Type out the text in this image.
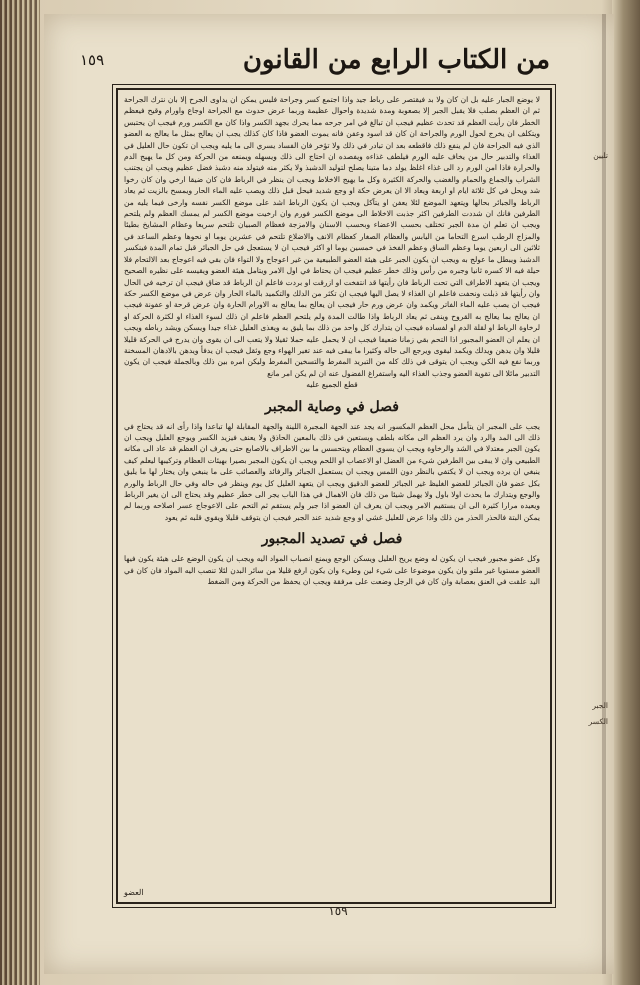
من الكتاب الرابع من القانون
١٥٩

لا يوضع الجبار عليه بل ان كان ولا بد فيقتصر على رباط جيد واذا اجتمع كسر وجراحة فليس يمكن ان يداوى الجرح إلا بان نترك الجراحة ثم ان العظم بصلب فلا يقبل الجبر إلا بصعوبة ومدة شديدة واحوال عظيمة وربما عرض حدوث مع الجراحة اوجاع واورام وقيح فيعظم الخطر فان رأيت العظم قد تحدث عظيم فيجب ان تبالغ في امر جرحه مما يحرك بجهد الكسر واذا كان مع الكسر ورم فيجب ان يحتبس ويتكلف ان يخرج لحول الورم والجراحة ان كان قد اسود وعفن فانه يموت العضو فاذا كان كذلك يجب ان يعالج بمثل ما يعالج به العضو الذي فيه الجراحة فان لم ينفع ذلك فاقطعه بعد ان تبادر في ذلك ولا تؤخر فان الفساد يسري الى ما يليه ويجب ان تكون حال العليل في الغذاء والتدبير حال من يخاف عليه الورم فيلطف غذاءه ويفصده ان احتاج الى ذلك ويسهله ويمنعه من الحركة ومن كل ما يهيج الدم والحرارة فاذا امن الورم رد الى غذاء اغلظ يولد دما متينا يصلح لتوليد الدشبذ ولا يكثر منه فيتولد منه دشبذ فضل عظيم ويجب ان يجتنب الشراب والجماع والحمام والغضب والحركة الكثيرة وكل ما يهيج الاخلاط ويجب ان ينظر في الرباط فان كان ضيقا ارخي وان كان رخوا شد ويحل في كل ثلاثة ايام او اربعة ويعاد الا ان يعرض حكة او وجع شديد فيحل قبل ذلك ويصب عليه الماء الحار ويمسح بالزيت ثم يعاد الرباط والجبائر بحالها ويتعهد الموضع لئلا يعفن او يتآكل ويجب ان يكون الرباط اشد على موضع الكسر نفسه وارخى فيما يليه من الطرفين فانك ان شددت الطرفين اكثر جذبت الاخلاط الى موضع الكسر فورم وان ارخيت موضع الكسر لم يمسك العظم ولم يلتحم ويجب ان تعلم ان مدة الجبر تختلف بحسب الاعضاء وبحسب الاسنان والامزجة فعظام الصبيان تلتحم سريعا وعظام المشايخ بطيئا والمزاج الرطب اسرع التحاما من اليابس والعظام الصغار كعظام الانف والاضلاع تلتحم في عشرين يوما او نحوها وعظم الساعد في ثلاثين الى اربعين يوما وعظم الساق وعظم الفخذ في خمسين يوما او اكثر فيجب ان لا يستعجل في حل الجبائر قبل تمام المدة فينكسر الدشبذ ويبطل ما عولج به ويجب ان يكون الجبر على هيئة العضو الطبيعية من غير اعوجاج ولا التواء فان بقي فيه اعوجاج بعد الالتحام فلا حيلة فيه الا كسره ثانيا وجبره من رأس وذلك خطر عظيم فيجب ان يحتاط في اول الامر ويتامل هيئة العضو ويقيسه على نظيره الصحيح ويجب ان يتعهد الاطراف التي تحت الرباط فان رأيتها قد انتفخت او ازرقت او بردت فاعلم ان الرباط قد ضاق فيجب ان ترخيه في الحال وان رأيتها قد ذبلت ونحفت فاعلم ان الغذاء لا يصل اليها فيجب ان تكثر من الدلك والتكميد بالماء الحار وان عرض في موضع الكسر حكة فيجب ان يصب عليه الماء الفاتر ويكمد وان عرض ورم حار فيجب ان يعالج بما يعالج به الاورام الحارة وان عرض قرحة او عفونة فيجب ان يعالج بما يعالج به القروح وينقى ثم يعاد الرباط واذا طالت المدة ولم يلتحم العظم فاعلم ان ذلك لسوء الغذاء او لكثرة الحركة او لرخاوة الرباط او لقلة الدم او لفساده فيجب ان يتدارك كل واحد من ذلك بما يليق به ويغذى العليل غذاء جيدا ويسكن ويشد رباطه ويجب ان يعلم ان العضو المجبور اذا التحم بقي زمانا ضعيفا فيجب ان لا يحمل عليه حملا ثقيلا ولا يتعب الى ان يقوى وان يدرج في الحركة قليلا قليلا وان يدهن ويدلك ويكمد ليقوى ويرجع الى حاله وكثيرا ما يبقى فيه عند تغير الهواء وجع وثقل فيجب ان يدفأ ويدهن بالادهان المسخنة وربما نفع فيه الكي ويجب ان يتوقى في ذلك كله من التبريد المفرط والتسخين المفرط وليكن امره بين ذلك وبالجملة فيجب ان يكون التدبير مائلا الى تقوية العضو وجذب الغذاء اليه واستفراغ الفضول عنه ان لم يكن امر مانع

قطع الجميع عليه

فصل في وصاية المجبر

يجب على المجبر ان يتأمل محل العظم المكسور انه يجد عند الجهة المجبرة اللينة والجهة المقابلة لها تباعدا واذا رأى انه قد يحتاج في ذلك الى المد والرد وان يرد العظم الى مكانه بلطف ويستعين في ذلك بالمعين الحاذق ولا يعنف فيزيد الكسر ويوجع العليل ويجب ان يكون الجبر معتدلا في الشد والرخاوة ويجب ان يسوي العظام ويتحسس ما بين الاطراف بالاصابع حتى يعرف ان العظم قد عاد الى مكانه الطبيعي وان لا يبقى بين الطرفين شيء من العضل او الاعصاب او اللحم ويجب ان يكون المجبر بصيرا بهيئات العظام وتركيبها ليعلم كيف ينبغي ان يرده ويجب ان لا يكتفي بالنظر دون اللمس ويجب ان يستعمل الجبائر والرفائد والعصائب على ما ينبغي وان يختار لها ما يليق بكل عضو فان الجبائر للعضو الغليظ غير الجبائر للعضو الدقيق ويجب ان يتعهد العليل كل يوم وينظر في حاله وفي حال الرباط والورم والوجع ويتدارك ما يحدث اولا باول ولا يهمل شيئا من ذلك فان الاهمال في هذا الباب يجر الى خطر عظيم وقد يحتاج الى ان يغير الرباط ويعيده مرارا كثيرة الى ان يستقيم الامر ويجب ان يعرف ان العضو اذا جبر ولم يستقم ثم التحم على الاعوجاج عسر اصلاحه وربما لم يمكن البتة فالحذر الحذر من ذلك واذا عرض للعليل غشي او وجع شديد عند الجبر فيجب ان يتوقف قليلا ويقوي قلبه ثم يعود

فصل في تصديد المجبور

وكل عضو مجبور فيجب ان يكون له وضع يريح العليل ويسكن الوجع ويمنع انصباب المواد اليه ويجب ان يكون الوضع على هيئة يكون فيها العضو مستويا غير ملتو وان يكون موضوعا على شيء لين وطيء وان يكون ارفع قليلا من سائر البدن لئلا تنصب اليه المواد فان كان في اليد علقت في العنق بعصابة وان كان في الرجل وضعت على مرفقة ويجب ان يحفظ من الحركة ومن الضغط

العضو
١٥٩
تليين
الجبر
الكسر
